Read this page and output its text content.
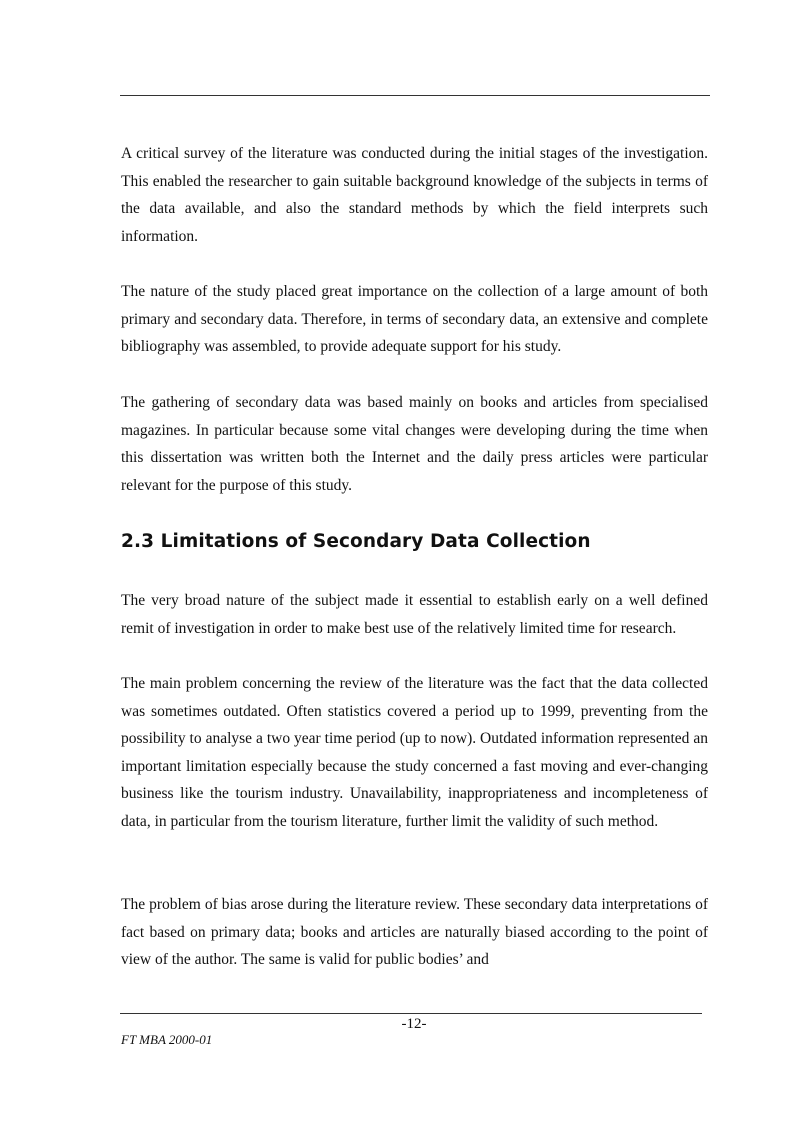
A critical survey of the literature was conducted during the initial stages of the investigation. This enabled the researcher to gain suitable background knowledge of the subjects in terms of the data available, and also the standard methods by which the field interprets such information.

The nature of the study placed great importance on the collection of a large amount of both primary and secondary data. Therefore, in terms of secondary data, an extensive and complete bibliography was assembled, to provide adequate support for his study.

The gathering of secondary data was based mainly on books and articles from specialised magazines. In particular because some vital changes were developing during the time when this dissertation was written both the Internet and the daily press articles were particular relevant for the purpose of this study.

2.3 Limitations of Secondary Data Collection

The very broad nature of the subject made it essential to establish early on a well defined remit of investigation in order to make best use of the relatively limited time for research.

The main problem concerning the review of the literature was the fact that the data collected was sometimes outdated. Often statistics covered a period up to 1999, preventing from the possibility to analyse a two year time period (up to now). Outdated information represented an important limitation especially because the study concerned a fast moving and ever-changing business like the tourism industry. Unavailability, inappropriateness and incompleteness of data, in particular from the tourism literature, further limit the validity of such method.

The problem of bias arose during the literature review. These secondary data interpretations of fact based on primary data; books and articles are naturally biased according to the point of view of the author. The same is valid for public bodies’ and

-12-
FT MBA 2000-01
